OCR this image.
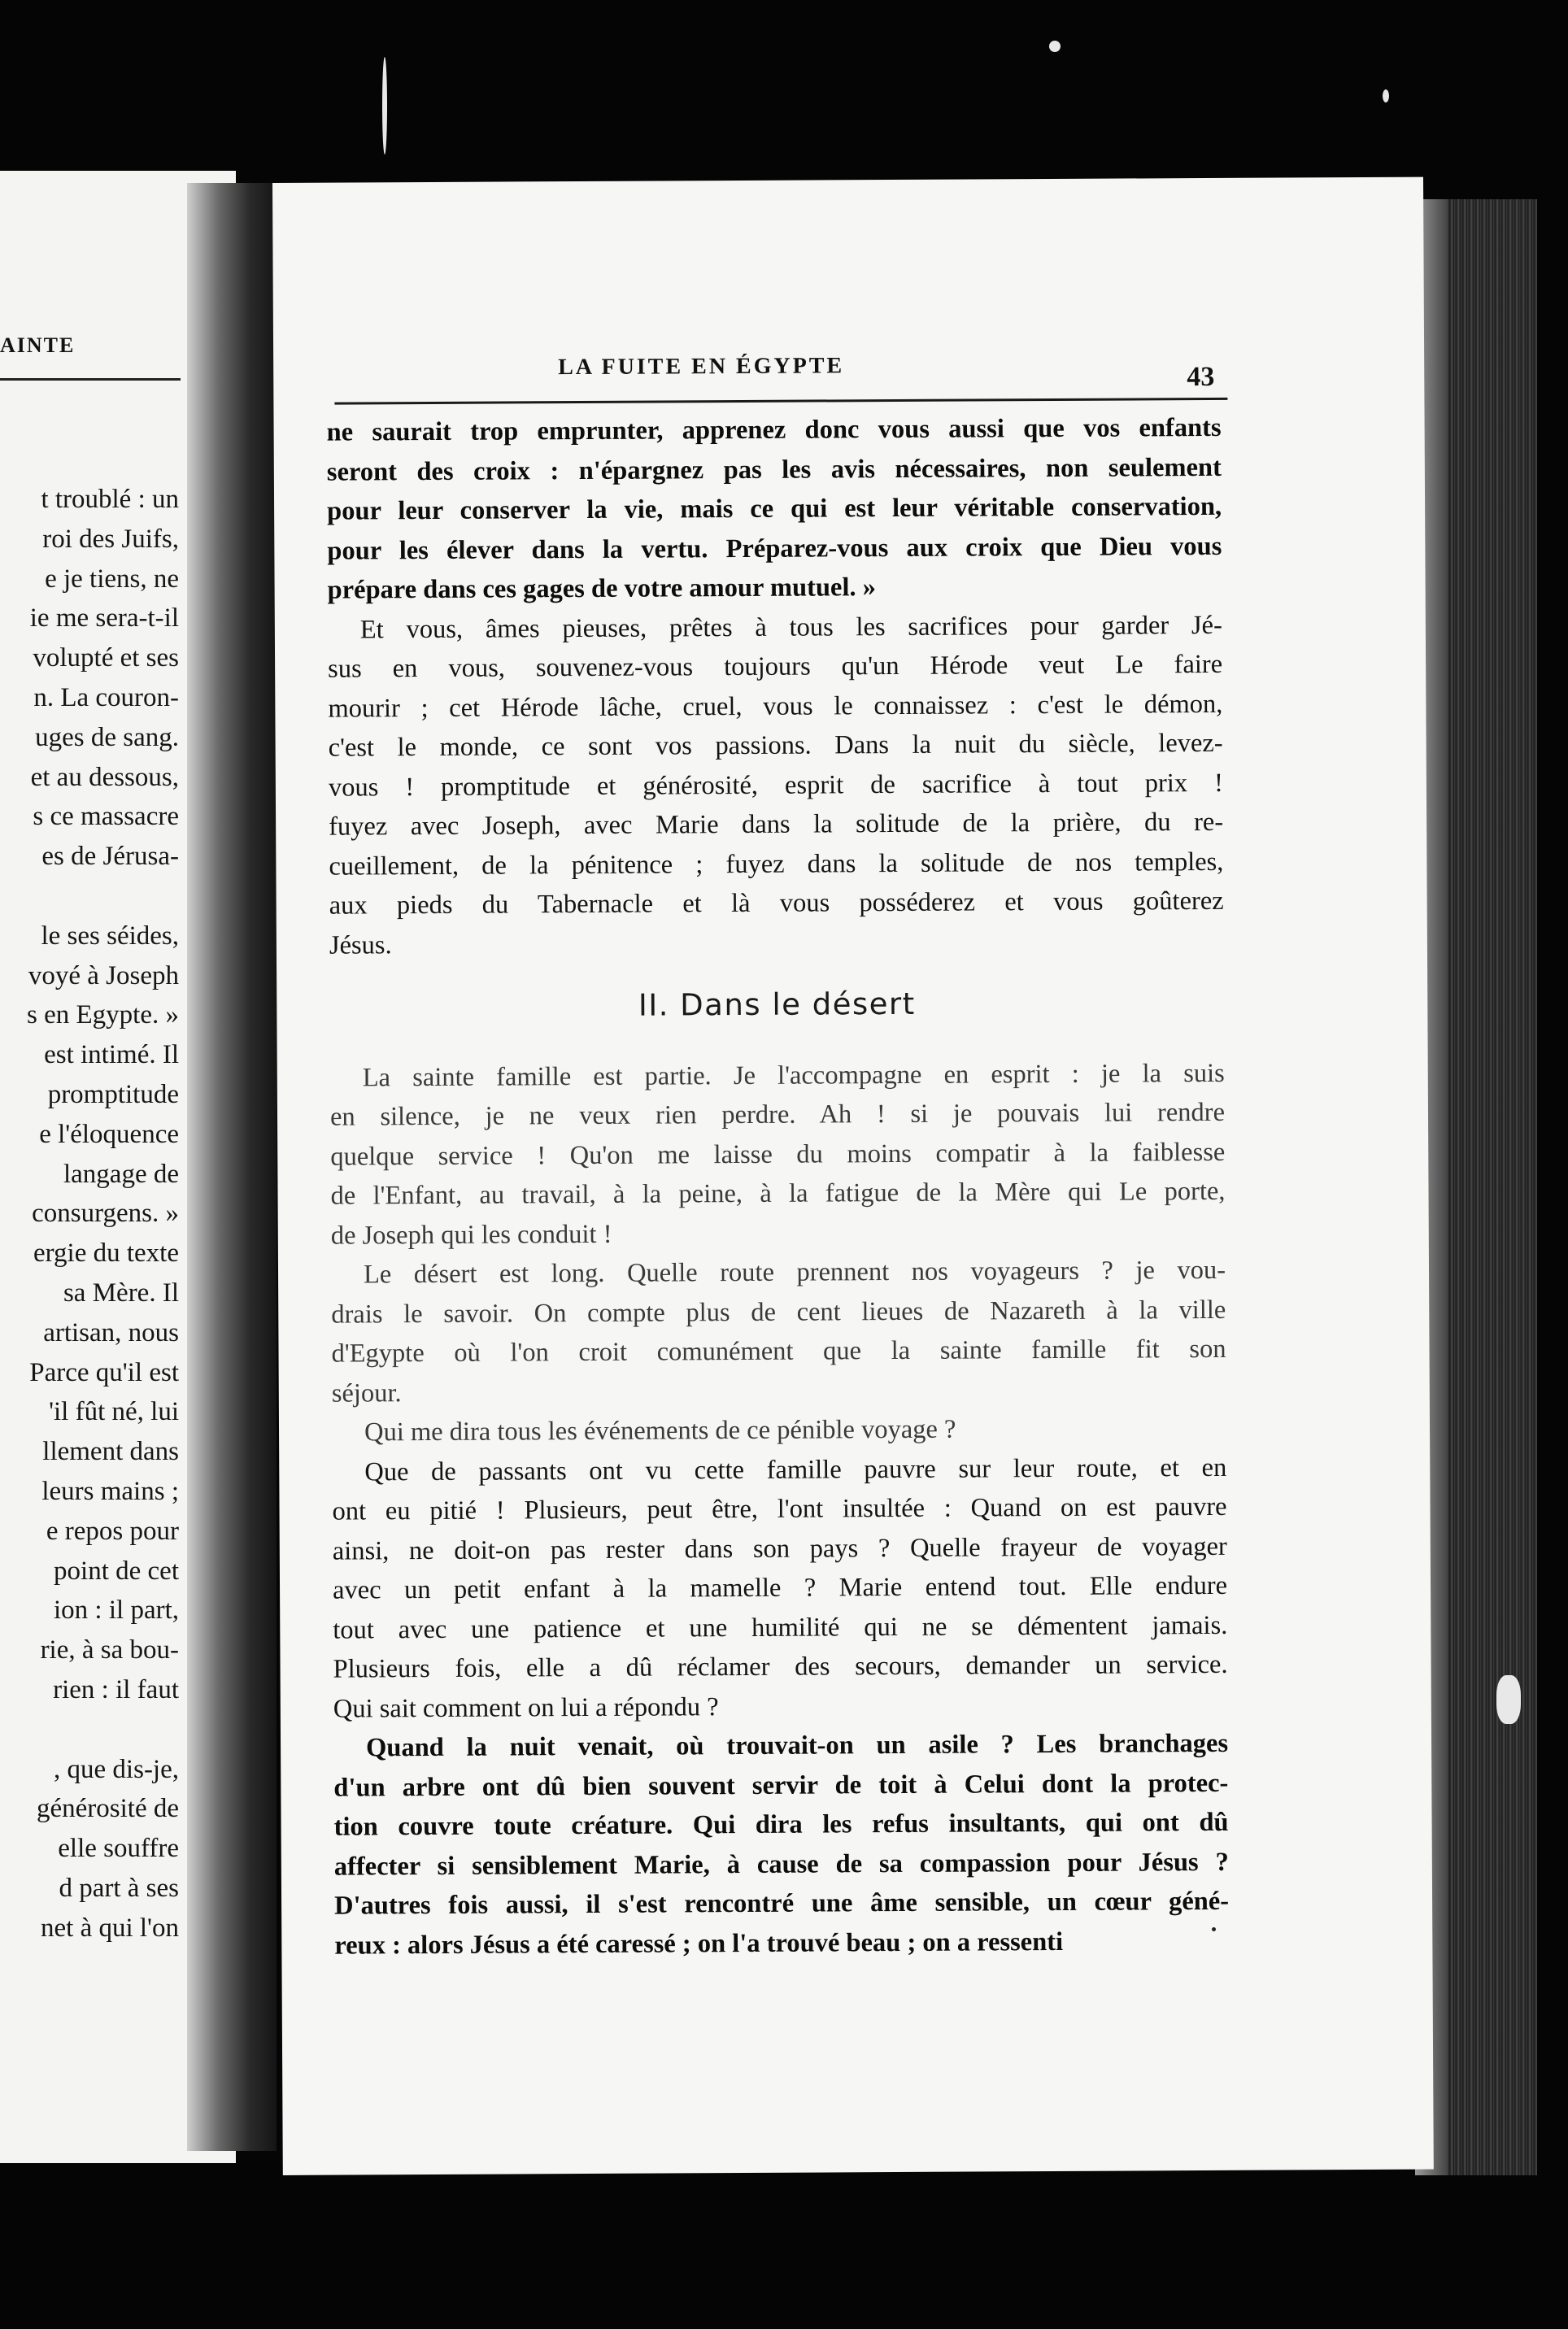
AINTE
t troublé : un
roi des Juifs,
e je tiens, ne
ie me sera-t-il
volupté et ses
n. La couron-
uges de sang.
et au dessous,
s ce massacre
es de Jérusa-
le ses séides,
voyé à Joseph
s en Egypte. »
est intimé. Il
promptitude
e l'éloquence
langage de
consurgens. »
ergie du texte
sa Mère. Il
artisan, nous
Parce qu'il est
'il fût né, lui
llement dans
leurs mains ;
e repos pour
point de cet
ion : il part,
rie, à sa bou-
rien : il faut
, que dis-je,
générosité de
elle souffre
d part à ses
net à qui l'on
LA FUITE EN ÉGYPTE	43
ne saurait trop emprunter, apprenez donc vous aussi que vos enfants
seront des croix : n'épargnez pas les avis nécessaires, non seulement
pour leur conserver la vie, mais ce qui est leur véritable conservation,
pour les élever dans la vertu. Préparez-vous aux croix que Dieu vous
prépare dans ces gages de votre amour mutuel. »
Et vous, âmes pieuses, prêtes à tous les sacrifices pour garder Jé-
sus en vous, souvenez-vous toujours qu'un Hérode veut Le faire
mourir ; cet Hérode lâche, cruel, vous le connaissez : c'est le démon,
c'est le monde, ce sont vos passions. Dans la nuit du siècle, levez-
vous ! promptitude et générosité, esprit de sacrifice à tout prix !
fuyez avec Joseph, avec Marie dans la solitude de la prière, du re-
cueillement, de la pénitence ; fuyez dans la solitude de nos temples,
aux pieds du Tabernacle et là vous posséderez et vous goûterez
Jésus.
II. Dans le désert
La sainte famille est partie. Je l'accompagne en esprit : je la suis
en silence, je ne veux rien perdre. Ah ! si je pouvais lui rendre
quelque service ! Qu'on me laisse du moins compatir à la faiblesse
de l'Enfant, au travail, à la peine, à la fatigue de la Mère qui Le porte,
de Joseph qui les conduit !
Le désert est long. Quelle route prennent nos voyageurs ? je vou-
drais le savoir. On compte plus de cent lieues de Nazareth à la ville
d'Egypte où l'on croit comunément que la sainte famille fit son
séjour.
Qui me dira tous les événements de ce pénible voyage ?
Que de passants ont vu cette famille pauvre sur leur route, et en
ont eu pitié ! Plusieurs, peut être, l'ont insultée : Quand on est pauvre
ainsi, ne doit-on pas rester dans son pays ? Quelle frayeur de voyager
avec un petit enfant à la mamelle ? Marie entend tout. Elle endure
tout avec une patience et une humilité qui ne se démentent jamais.
Plusieurs fois, elle a dû réclamer des secours, demander un service.
Qui sait comment on lui a répondu ?
Quand la nuit venait, où trouvait-on un asile ? Les branchages
d'un arbre ont dû bien souvent servir de toit à Celui dont la protec-
tion couvre toute créature. Qui dira les refus insultants, qui ont dû
affecter si sensiblement Marie, à cause de sa compassion pour Jésus ?
D'autres fois aussi, il s'est rencontré une âme sensible, un cœur géné-
reux : alors Jésus a été caressé ; on l'a trouvé beau ; on a ressenti
